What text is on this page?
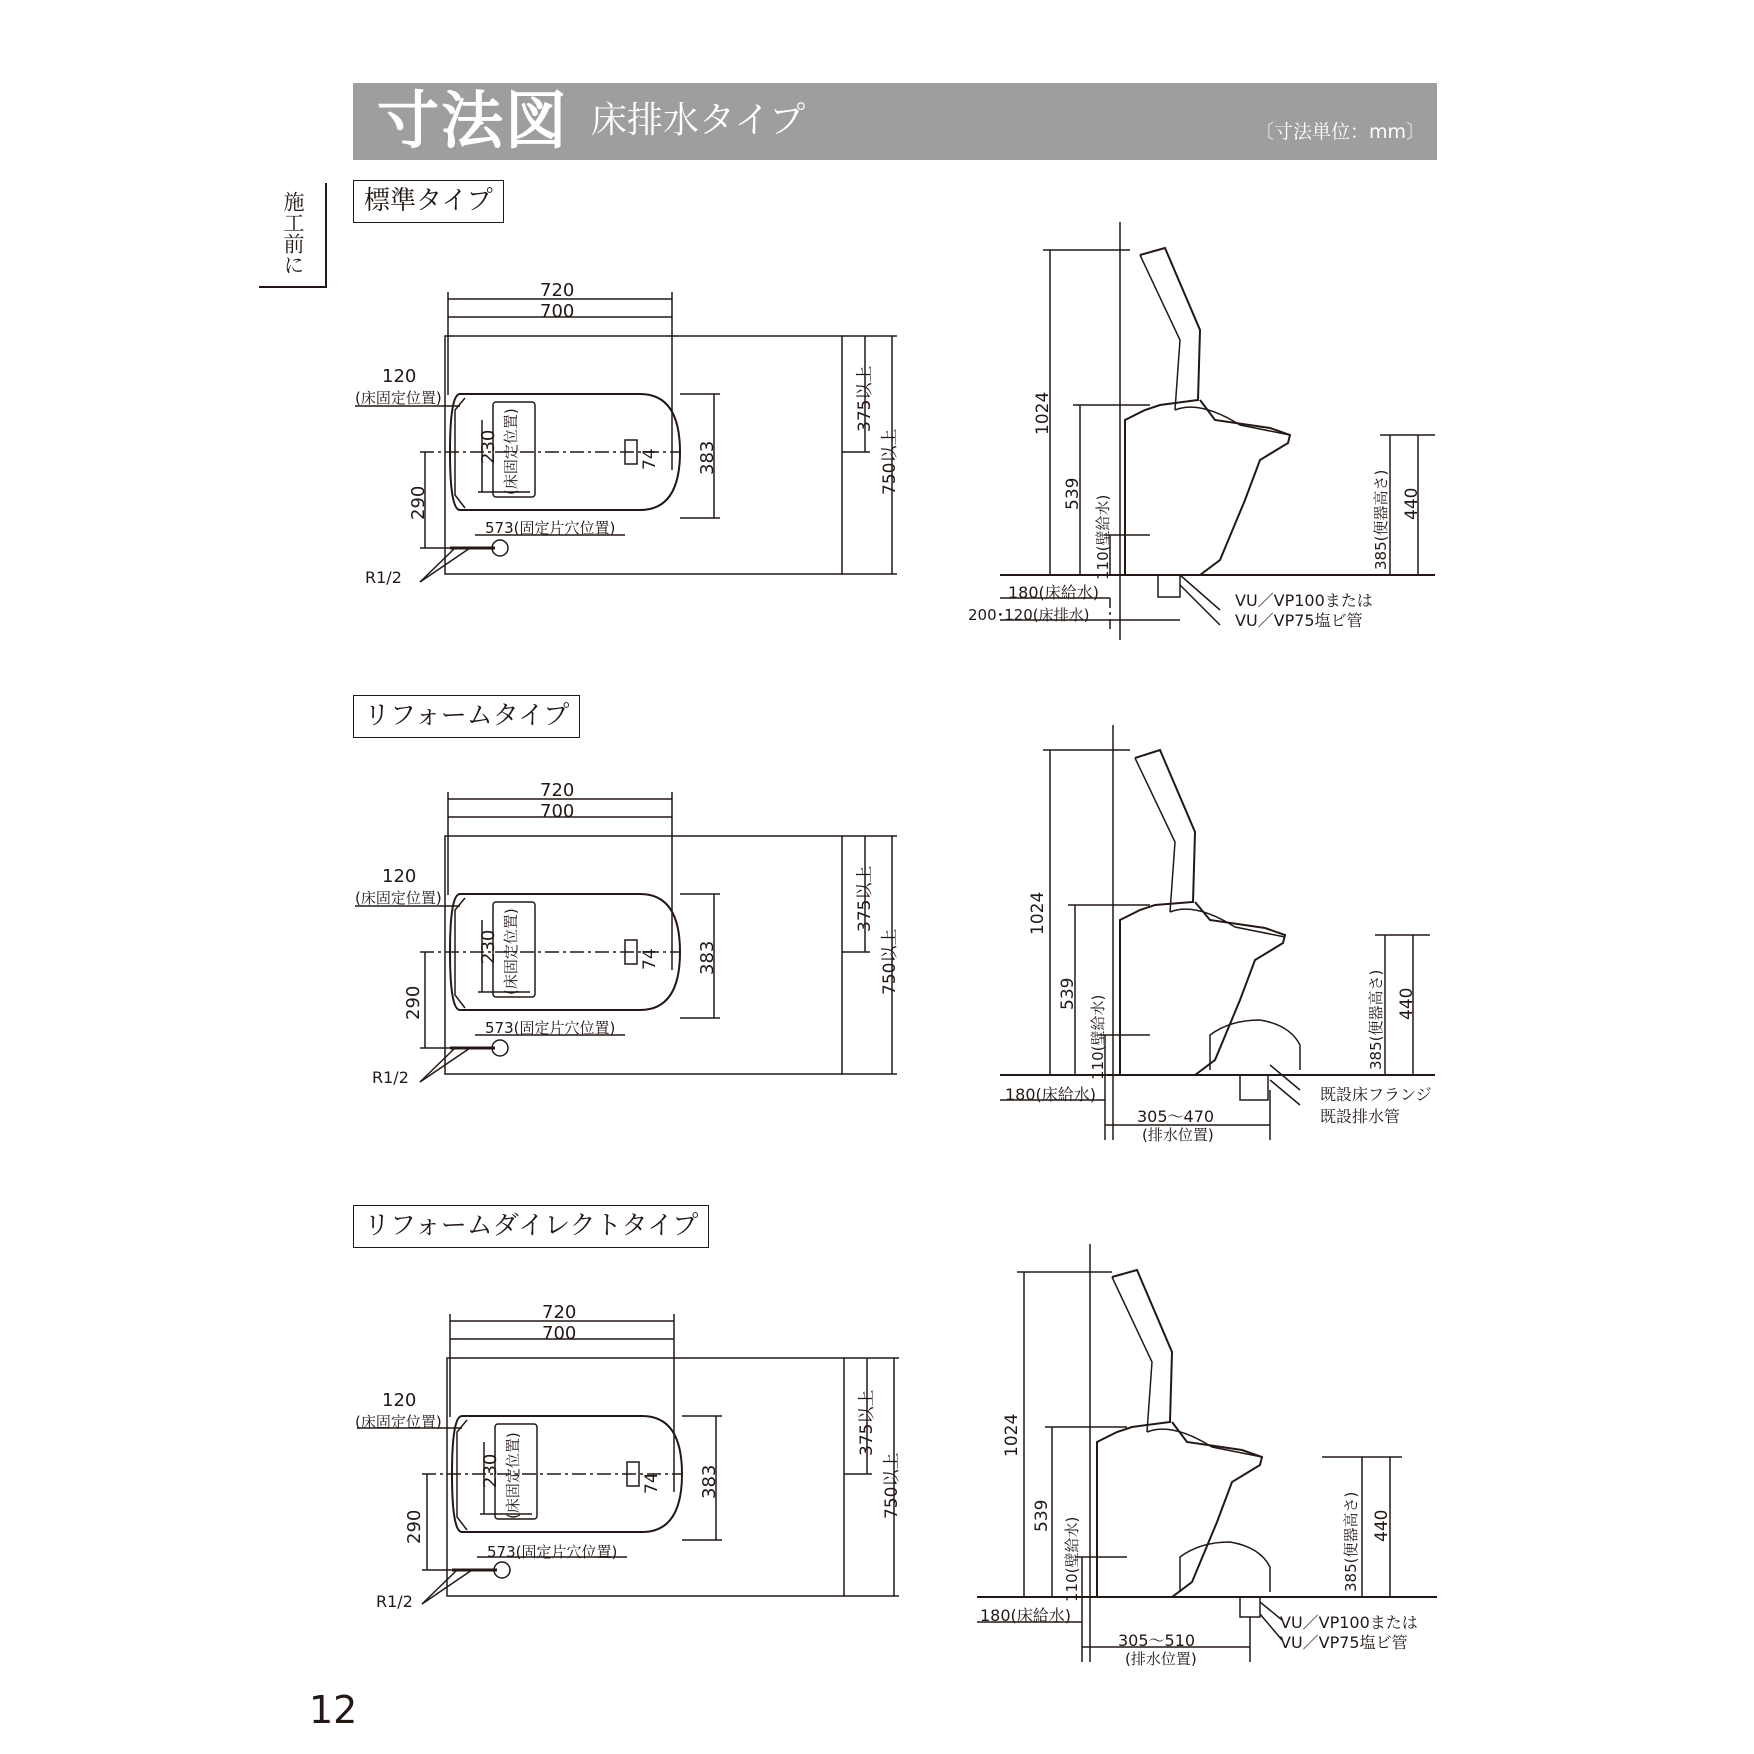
寸法図 床排水タイプ	〔寸法単位：mm〕
施工前に	標準タイプ
リフォームタイプ
リフォームダイレクトタイプ
720
700
120
(床固定位置)
230 (床固定位置)	74 383
290
573(固定片穴位置)
375以上
750以上
R1/2
1024
539
110(壁給水)	385(便器高さ) 440
180(床給水)
200･120(床排水)
VU／VP100または
VU／VP75塩ビ管
720
700
120
(床固定位置)
230 (床固定位置)	74 383
290
573(固定片穴位置)
375以上
750以上
R1/2
1024
539
110(壁給水)	385(便器高さ) 440
180(床給水)
305〜470
(排水位置)
既設床フランジ
既設排水管
720
700
120
(床固定位置)
230 (床固定位置)	74 383
290
573(固定片穴位置)
375以上
750以上
R1/2
1024
539
110(壁給水)	385(便器高さ) 440
180(床給水)
305〜510
(排水位置)
VU／VP100または
VU／VP75塩ビ管
12
